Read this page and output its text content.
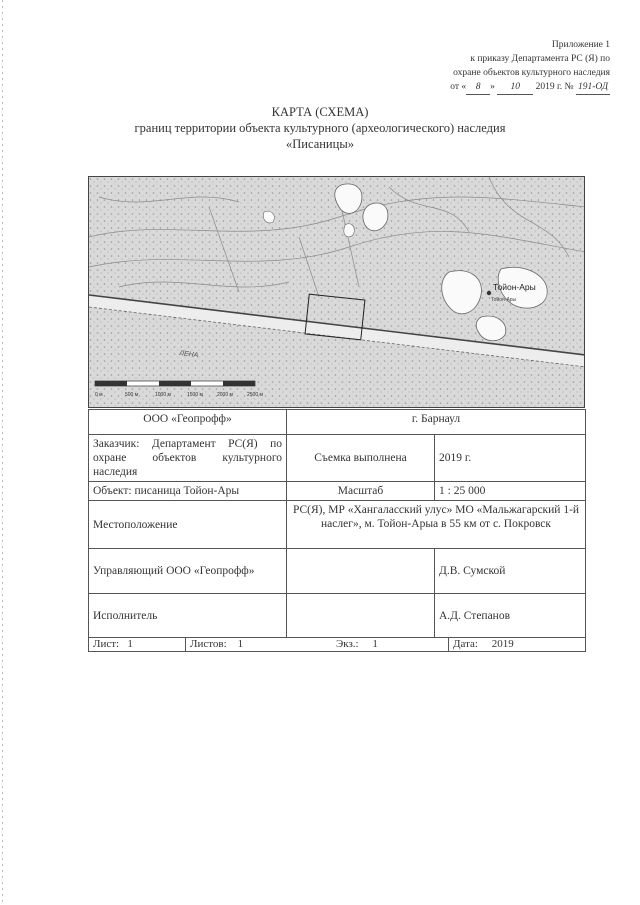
Приложение 1
к приказу Департамента РС (Я) по
охране объектов культурного наследия
от « 8 » 10 2019 г. № 191-ОД
КАРТА (СХЕМА)
границ территории объекта культурного (археологического) наследия
«Писаницы»
Тойон-Ары
Тойон-Ары
ЛЕНА
0 м	500 м	1000 м	1500 м	2000 м	2500 м
ООО «Геопрофф»	г. Барнаул	
Заказчик: Департамент РС(Я) по охране объектов культурного наследия	Съемка выполнена	2019 г.
Объект: писаница Тойон-Ары	Масштаб	1 : 25 000
Местоположение	РС(Я), МР «Хангаласский улус» МО «Мальжагарский 1-й наслег», м. Тойон-Арыа в 55 км от с. Покровск	
Управляющий ООО «Геопрофф»		Д.В. Сумской
Исполнитель		А.Д. Степанов

Лист: 1 Листов: 1 Экз.: 1 Дата: 2019		
